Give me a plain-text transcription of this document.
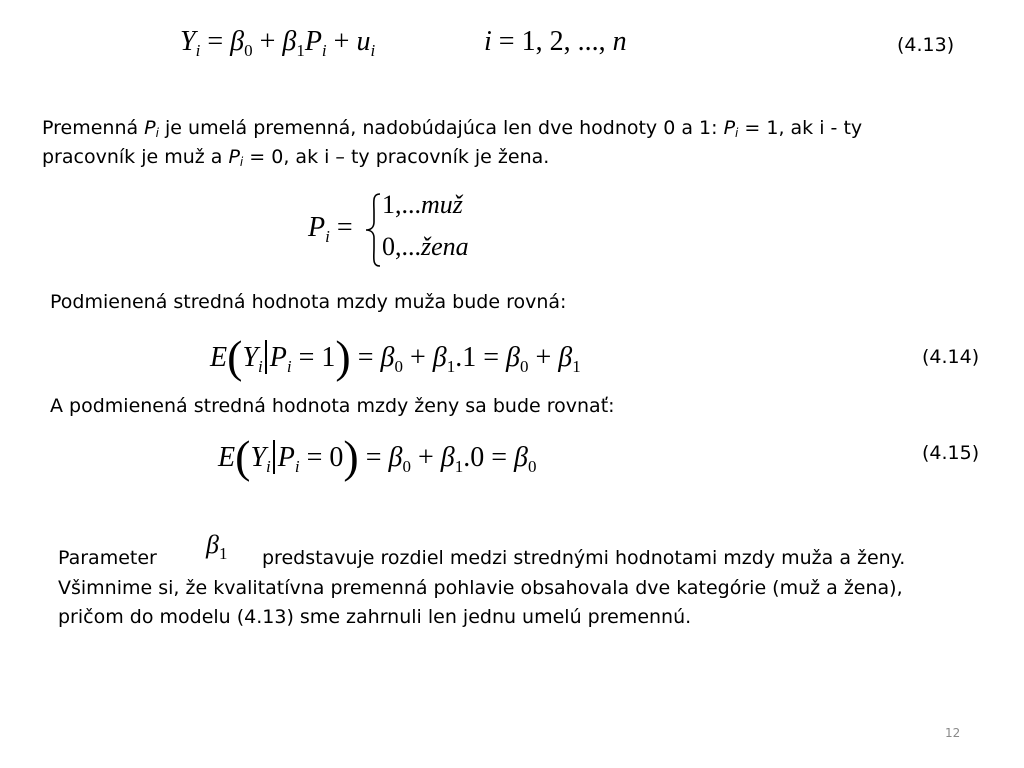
$Y_i = \beta_0 + \beta_1P_i + u_i$	i = 1, 2, ..., n	(4.13)
Premenná $P_i$ je umelá premenná, nadobúdajúca len dve hodnoty 0 a 1: $P_i = 1$, ak i - ty
pracovník je muž a $P_i = 0$, ak i – ty pracovník je žena.
$P_i$ =
1,...muž
0,...žena
Podmienená stredná hodnota mzdy muža bude rovná:
$E(Y_i$ $P_i = 1) = \beta_0 + \beta_1.1 = \beta_0 + \beta_1$	(4.14)
A podmienená stredná hodnota mzdy ženy sa bude rovnať:
$E(Y_i$ $P_i = 0) = \beta_0 + \beta_1.0 = \beta_0$
(4.15)
Parameter $\beta_1$ predstavuje rozdiel medzi strednými hodnotami mzdy muža a ženy.
Všimnime si, že kvalitatívna premenná pohlavie obsahovala dve kategórie (muž a žena),
pričom do modelu (4.13) sme zahrnuli len jednu umelú premennú.
12
